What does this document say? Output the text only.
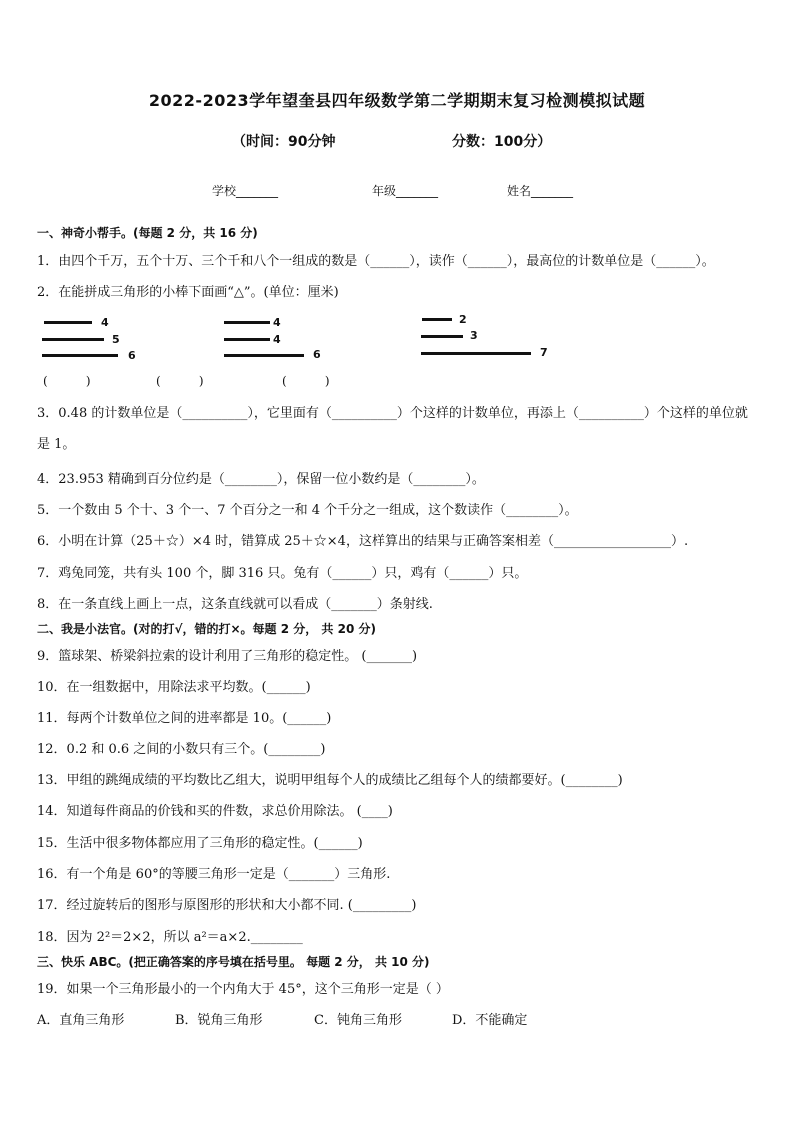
2022-2023学年望奎县四年级数学第二学期期末复习检测模拟试题
（时间：90分钟	分数：100分）
学校_______	年级_______	姓名_______
一、神奇小帮手。(每题 2 分，共 16 分)
1．由四个千万，五个十万、三个千和八个一组成的数是（______），读作（______），最高位的计数单位是（______）。
2．在能拼成三角形的小棒下面画“△”。(单位：厘米)
4
5
6
4
4
6
2
3
7
(          )	(          )	(          )
3．0.48 的计数单位是（__________），它里面有（__________）个这样的计数单位，再添上（__________）个这样的单位就是 1。
4．23.953 精确到百分位约是（________），保留一位小数约是（________）。
5．一个数由 5 个十、3 个一、7 个百分之一和 4 个千分之一组成，这个数读作（________）。
6．小明在计算（25＋☆）×4 时，错算成 25＋☆×4，这样算出的结果与正确答案相差（__________________）.
7．鸡兔同笼，共有头 100 个，脚 316 只。兔有（______）只，鸡有（______）只。
8．在一条直线上画上一点，这条直线就可以看成（_______）条射线.
二、我是小法官。(对的打√，错的打×。每题 2 分， 共 20 分)
9．篮球架、桥梁斜拉索的设计利用了三角形的稳定性。 (_______)
10．在一组数据中，用除法求平均数。(______)
11．每两个计数单位之间的进率都是 10。(______)
12．0.2 和 0.6 之间的小数只有三个。(________)
13．甲组的跳绳成绩的平均数比乙组大，说明甲组每个人的成绩比乙组每个人的绩都要好。(________)
14．知道每件商品的价钱和买的件数，求总价用除法。 (____)
15．生活中很多物体都应用了三角形的稳定性。(______)
16．有一个角是 60°的等腰三角形一定是（_______）三角形.
17．经过旋转后的图形与原图形的形状和大小都不同. (_________)
18．因为 2²＝2×2，所以 a²＝a×2.________
三、快乐 ABC。(把正确答案的序号填在括号里。 每题 2 分， 共 10 分)
19．如果一个三角形最小的一个内角大于 45°，这个三角形一定是（ ）
A．直角三角形	B．锐角三角形	C．钝角三角形	D．不能确定
